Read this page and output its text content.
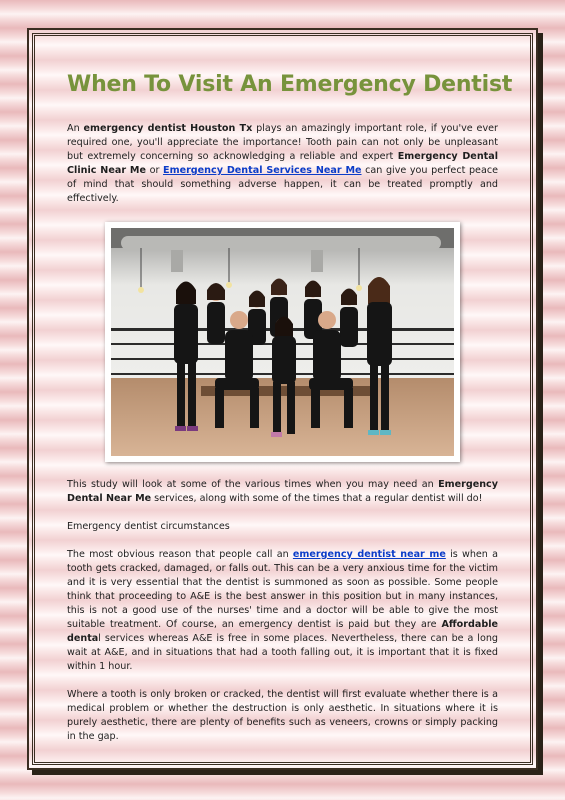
When To Visit An Emergency Dentist

An emergency dentist Houston Tx plays an amazingly important role, if you've ever required one, you'll appreciate the importance! Tooth pain can not only be unpleasant but extremely concerning so acknowledging a reliable and expert Emergency Dental Clinic Near Me or Emergency Dental Services Near Me can give you perfect peace of mind that should something adverse happen, it can be treated promptly and effectively.

This study will look at some of the various times when you may need an Emergency Dental Near Me services, along with some of the times that a regular dentist will do!

Emergency dentist circumstances

The most obvious reason that people call an emergency dentist near me is when a tooth gets cracked, damaged, or falls out. This can be a very anxious time for the victim and it is very essential that the dentist is summoned as soon as possible. Some people think that proceeding to A&E is the best answer in this position but in many instances, this is not a good use of the nurses' time and a doctor will be able to give the most suitable treatment. Of course, an emergency dentist is paid but they are Affordable dental services whereas A&E is free in some places. Nevertheless, there can be a long wait at A&E, and in situations that had a tooth falling out, it is important that it is fixed within 1 hour.

Where a tooth is only broken or cracked, the dentist will first evaluate whether there is a medical problem or whether the destruction is only aesthetic. In situations where it is purely aesthetic, there are plenty of benefits such as veneers, crowns or simply packing in the gap.
